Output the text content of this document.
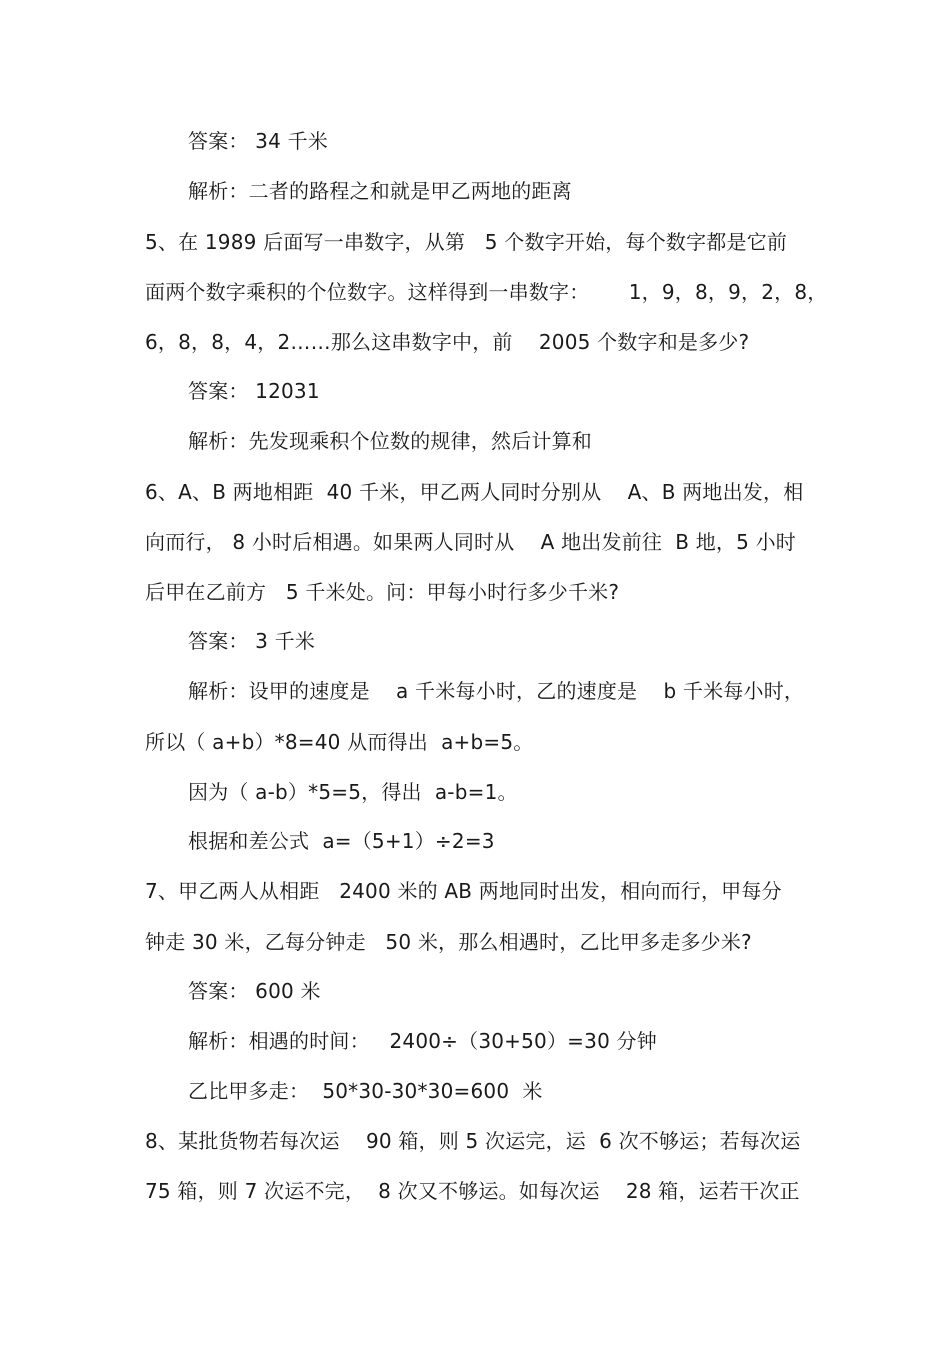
答案： 34 千米
解析：二者的路程之和就是甲乙两地的距离
5、在 1989 后面写一串数字，从第   5 个数字开始，每个数字都是它前
面两个数字乘积的个位数字。这样得到一串数字：      1，9，8，9，2，8，
6，8，8，4，2……那么这串数字中，前    2005 个数字和是多少?
答案： 12031
解析：先发现乘积个位数的规律，然后计算和
6、A、B 两地相距  40 千米，甲乙两人同时分别从    A、B 两地出发，相
向而行， 8 小时后相遇。如果两人同时从    A 地出发前往  B 地，5 小时
后甲在乙前方   5 千米处。问：甲每小时行多少千米?
答案： 3 千米
解析：设甲的速度是    a 千米每小时，乙的速度是    b 千米每小时，
所以（ a+b）*8=40 从而得出  a+b=5。
因为（ a-b）*5=5，得出  a-b=1。
根据和差公式  a=（5+1）÷2=3
7、甲乙两人从相距   2400 米的 AB 两地同时出发，相向而行，甲每分
钟走 30 米，乙每分钟走   50 米，那么相遇时，乙比甲多走多少米?
答案： 600 米
解析：相遇的时间：   2400÷（30+50）=30 分钟
乙比甲多走：  50*30-30*30=600  米
8、某批货物若每次运    90 箱，则 5 次运完，运  6 次不够运；若每次运
75 箱，则 7 次运不完，  8 次又不够运。如每次运    28 箱，运若干次正
